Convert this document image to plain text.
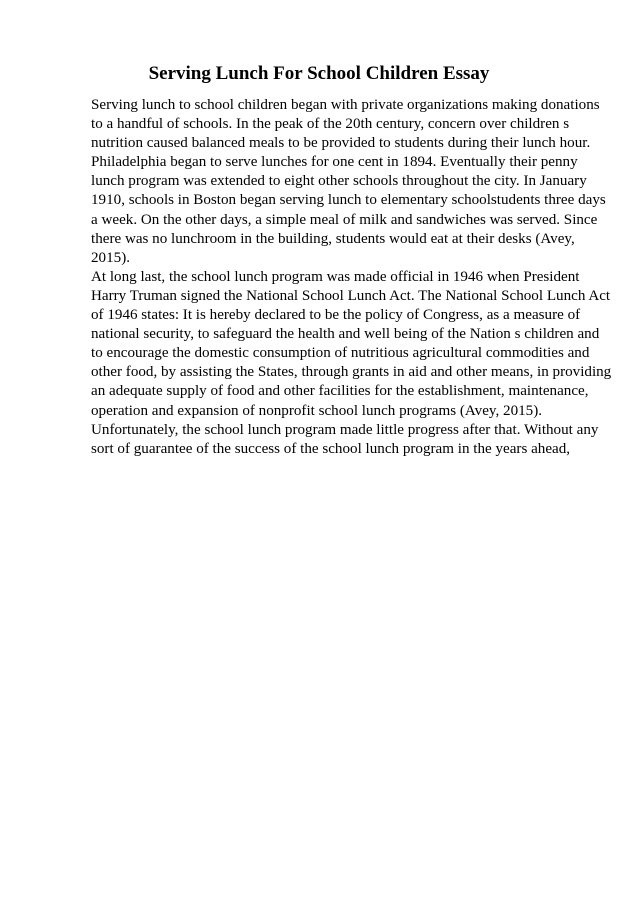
Serving Lunch For School Children Essay
Serving lunch to school children began with private organizations making donations
to a handful of schools. In the peak of the 20th century, concern over children s
nutrition caused balanced meals to be provided to students during their lunch hour.
Philadelphia began to serve lunches for one cent in 1894. Eventually their penny
lunch program was extended to eight other schools throughout the city. In January
1910, schools in Boston began serving lunch to elementary schoolstudents three days
a week. On the other days, a simple meal of milk and sandwiches was served. Since
there was no lunchroom in the building, students would eat at their desks (Avey,
2015).
At long last, the school lunch program was made official in 1946 when President
Harry Truman signed the National School Lunch Act. The National School Lunch Act
of 1946 states: It is hereby declared to be the policy of Congress, as a measure of
national security, to safeguard the health and well being of the Nation s children and
to encourage the domestic consumption of nutritious agricultural commodities and
other food, by assisting the States, through grants in aid and other means, in providing
an adequate supply of food and other facilities for the establishment, maintenance,
operation and expansion of nonprofit school lunch programs (Avey, 2015).
Unfortunately, the school lunch program made little progress after that. Without any
sort of guarantee of the success of the school lunch program in the years ahead,
